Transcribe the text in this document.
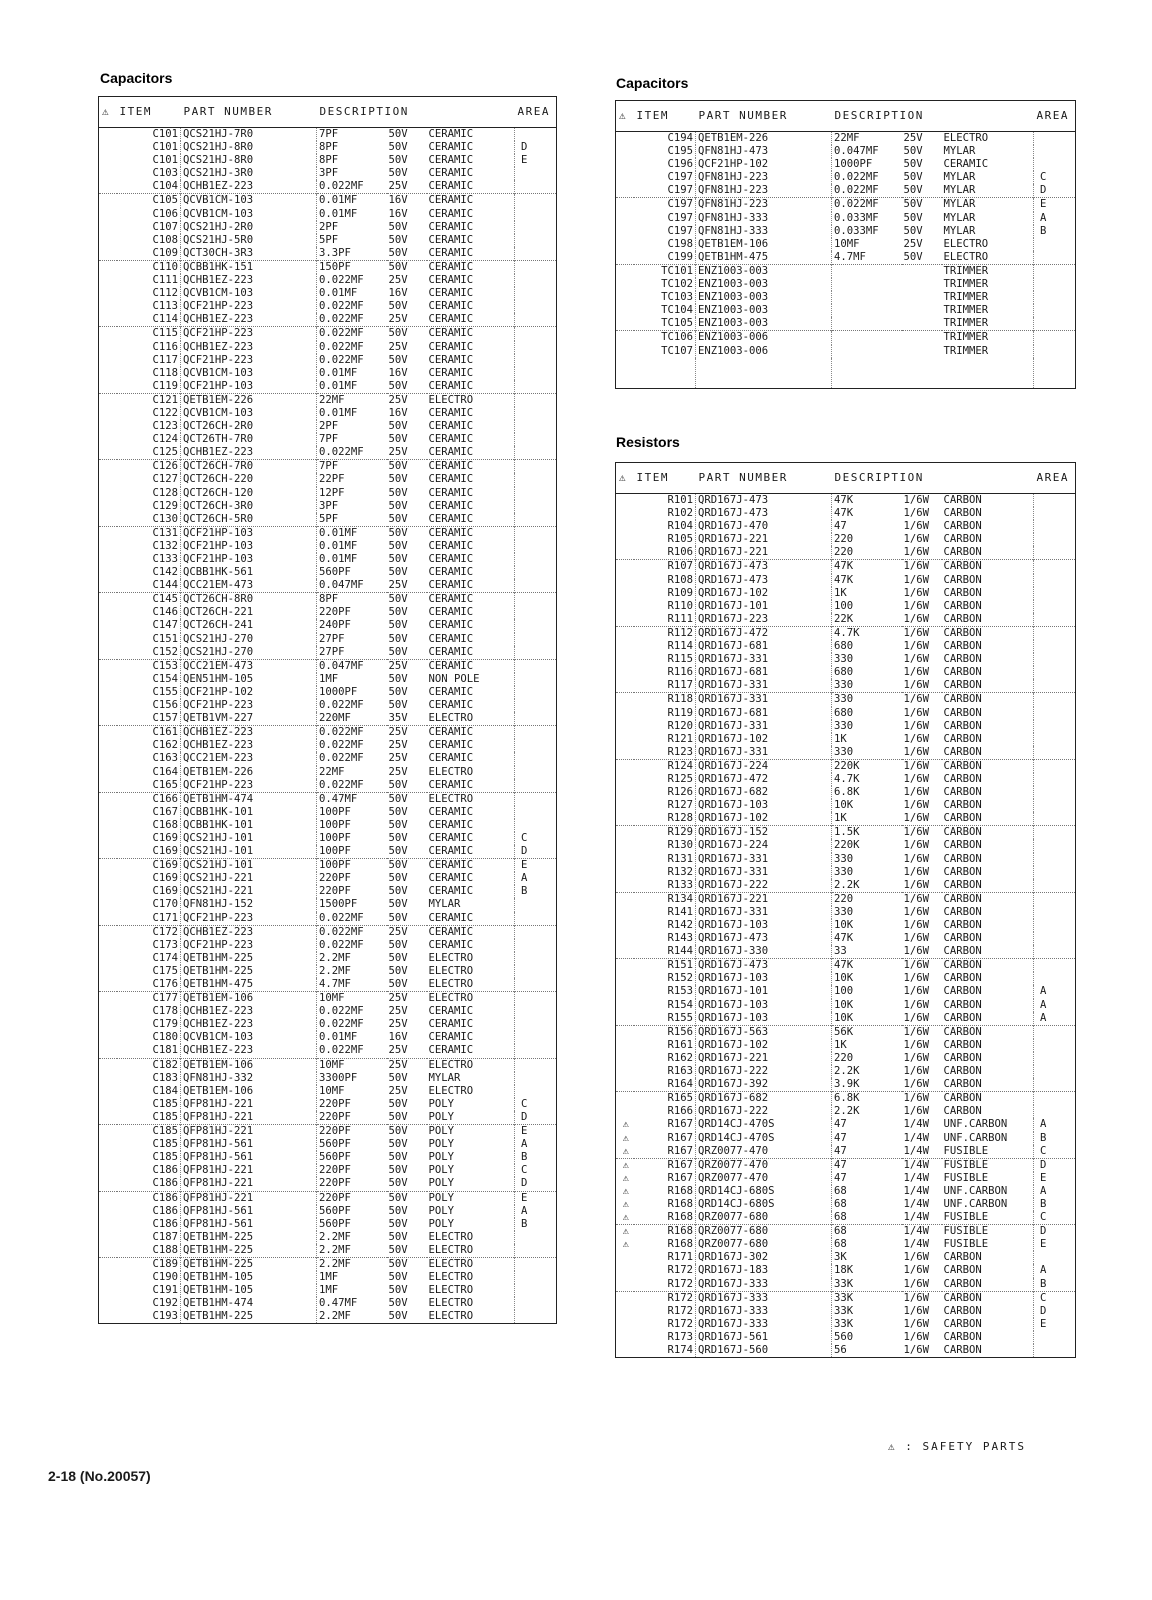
Capacitors
⚠	ITEM	PART NUMBER	DESCRIPTION			AREA
	C101	QCS21HJ-7R0	7PF	50V	CERAMIC	
	C101	QCS21HJ-8R0	8PF	50V	CERAMIC	D
	C101	QCS21HJ-8R0	8PF	50V	CERAMIC	E
	C103	QCS21HJ-3R0	3PF	50V	CERAMIC	
	C104	QCHB1EZ-223	0.022MF	25V	CERAMIC	
	C105	QCVB1CM-103	0.01MF	16V	CERAMIC	
	C106	QCVB1CM-103	0.01MF	16V	CERAMIC	
	C107	QCS21HJ-2R0	2PF	50V	CERAMIC	
	C108	QCS21HJ-5R0	5PF	50V	CERAMIC	
	C109	QCT30CH-3R3	3.3PF	50V	CERAMIC	
	C110	QCBB1HK-151	150PF	50V	CERAMIC	
	C111	QCHB1EZ-223	0.022MF	25V	CERAMIC	
	C112	QCVB1CM-103	0.01MF	16V	CERAMIC	
	C113	QCF21HP-223	0.022MF	50V	CERAMIC	
	C114	QCHB1EZ-223	0.022MF	25V	CERAMIC	
	C115	QCF21HP-223	0.022MF	50V	CERAMIC	
	C116	QCHB1EZ-223	0.022MF	25V	CERAMIC	
	C117	QCF21HP-223	0.022MF	50V	CERAMIC	
	C118	QCVB1CM-103	0.01MF	16V	CERAMIC	
	C119	QCF21HP-103	0.01MF	50V	CERAMIC	
	C121	QETB1EM-226	22MF	25V	ELECTRO	
	C122	QCVB1CM-103	0.01MF	16V	CERAMIC	
	C123	QCT26CH-2R0	2PF	50V	CERAMIC	
	C124	QCT26TH-7R0	7PF	50V	CERAMIC	
	C125	QCHB1EZ-223	0.022MF	25V	CERAMIC	
	C126	QCT26CH-7R0	7PF	50V	CERAMIC	
	C127	QCT26CH-220	22PF	50V	CERAMIC	
	C128	QCT26CH-120	12PF	50V	CERAMIC	
	C129	QCT26CH-3R0	3PF	50V	CERAMIC	
	C130	QCT26CH-5R0	5PF	50V	CERAMIC	
	C131	QCF21HP-103	0.01MF	50V	CERAMIC	
	C132	QCF21HP-103	0.01MF	50V	CERAMIC	
	C133	QCF21HP-103	0.01MF	50V	CERAMIC	
	C142	QCBB1HK-561	560PF	50V	CERAMIC	
	C144	QCC21EM-473	0.047MF	25V	CERAMIC	
	C145	QCT26CH-8R0	8PF	50V	CERAMIC	
	C146	QCT26CH-221	220PF	50V	CERAMIC	
	C147	QCT26CH-241	240PF	50V	CERAMIC	
	C151	QCS21HJ-270	27PF	50V	CERAMIC	
	C152	QCS21HJ-270	27PF	50V	CERAMIC	
	C153	QCC21EM-473	0.047MF	25V	CERAMIC	
	C154	QEN51HM-105	1MF	50V	NON POLE	
	C155	QCF21HP-102	1000PF	50V	CERAMIC	
	C156	QCF21HP-223	0.022MF	50V	CERAMIC	
	C157	QETB1VM-227	220MF	35V	ELECTRO	
	C161	QCHB1EZ-223	0.022MF	25V	CERAMIC	
	C162	QCHB1EZ-223	0.022MF	25V	CERAMIC	
	C163	QCC21EM-223	0.022MF	25V	CERAMIC	
	C164	QETB1EM-226	22MF	25V	ELECTRO	
	C165	QCF21HP-223	0.022MF	50V	CERAMIC	
	C166	QETB1HM-474	0.47MF	50V	ELECTRO	
	C167	QCBB1HK-101	100PF	50V	CERAMIC	
	C168	QCBB1HK-101	100PF	50V	CERAMIC	
	C169	QCS21HJ-101	100PF	50V	CERAMIC	C
	C169	QCS21HJ-101	100PF	50V	CERAMIC	D
	C169	QCS21HJ-101	100PF	50V	CERAMIC	E
	C169	QCS21HJ-221	220PF	50V	CERAMIC	A
	C169	QCS21HJ-221	220PF	50V	CERAMIC	B
	C170	QFN81HJ-152	1500PF	50V	MYLAR	
	C171	QCF21HP-223	0.022MF	50V	CERAMIC	
	C172	QCHB1EZ-223	0.022MF	25V	CERAMIC	
	C173	QCF21HP-223	0.022MF	50V	CERAMIC	
	C174	QETB1HM-225	2.2MF	50V	ELECTRO	
	C175	QETB1HM-225	2.2MF	50V	ELECTRO	
	C176	QETB1HM-475	4.7MF	50V	ELECTRO	
	C177	QETB1EM-106	10MF	25V	ELECTRO	
	C178	QCHB1EZ-223	0.022MF	25V	CERAMIC	
	C179	QCHB1EZ-223	0.022MF	25V	CERAMIC	
	C180	QCVB1CM-103	0.01MF	16V	CERAMIC	
	C181	QCHB1EZ-223	0.022MF	25V	CERAMIC	
	C182	QETB1EM-106	10MF	25V	ELECTRO	
	C183	QFN81HJ-332	3300PF	50V	MYLAR	
	C184	QETB1EM-106	10MF	25V	ELECTRO	
	C185	QFP81HJ-221	220PF	50V	POLY	C
	C185	QFP81HJ-221	220PF	50V	POLY	D
	C185	QFP81HJ-221	220PF	50V	POLY	E
	C185	QFP81HJ-561	560PF	50V	POLY	A
	C185	QFP81HJ-561	560PF	50V	POLY	B
	C186	QFP81HJ-221	220PF	50V	POLY	C
	C186	QFP81HJ-221	220PF	50V	POLY	D
	C186	QFP81HJ-221	220PF	50V	POLY	E
	C186	QFP81HJ-561	560PF	50V	POLY	A
	C186	QFP81HJ-561	560PF	50V	POLY	B
	C187	QETB1HM-225	2.2MF	50V	ELECTRO	
	C188	QETB1HM-225	2.2MF	50V	ELECTRO	
	C189	QETB1HM-225	2.2MF	50V	ELECTRO	
	C190	QETB1HM-105	1MF	50V	ELECTRO	
	C191	QETB1HM-105	1MF	50V	ELECTRO	
	C192	QETB1HM-474	0.47MF	50V	ELECTRO	
	C193	QETB1HM-225	2.2MF	50V	ELECTRO	
Capacitors
⚠	ITEM	PART NUMBER	DESCRIPTION			AREA
	C194	QETB1EM-226	22MF	25V	ELECTRO	
	C195	QFN81HJ-473	0.047MF	50V	MYLAR	
	C196	QCF21HP-102	1000PF	50V	CERAMIC	
	C197	QFN81HJ-223	0.022MF	50V	MYLAR	C
	C197	QFN81HJ-223	0.022MF	50V	MYLAR	D
	C197	QFN81HJ-223	0.022MF	50V	MYLAR	E
	C197	QFN81HJ-333	0.033MF	50V	MYLAR	A
	C197	QFN81HJ-333	0.033MF	50V	MYLAR	B
	C198	QETB1EM-106	10MF	25V	ELECTRO	
	C199	QETB1HM-475	4.7MF	50V	ELECTRO	
	TC101	ENZ1003-003			TRIMMER	
	TC102	ENZ1003-003			TRIMMER	
	TC103	ENZ1003-003			TRIMMER	
	TC104	ENZ1003-003			TRIMMER	
	TC105	ENZ1003-003			TRIMMER	
	TC106	ENZ1003-006			TRIMMER	
	TC107	ENZ1003-006			TRIMMER	

Resistors
⚠	ITEM	PART NUMBER	DESCRIPTION			AREA
	R101	QRD167J-473	47K	1/6W	CARBON	
	R102	QRD167J-473	47K	1/6W	CARBON	
	R104	QRD167J-470	47	1/6W	CARBON	
	R105	QRD167J-221	220	1/6W	CARBON	
	R106	QRD167J-221	220	1/6W	CARBON	
	R107	QRD167J-473	47K	1/6W	CARBON	
	R108	QRD167J-473	47K	1/6W	CARBON	
	R109	QRD167J-102	1K	1/6W	CARBON	
	R110	QRD167J-101	100	1/6W	CARBON	
	R111	QRD167J-223	22K	1/6W	CARBON	
	R112	QRD167J-472	4.7K	1/6W	CARBON	
	R114	QRD167J-681	680	1/6W	CARBON	
	R115	QRD167J-331	330	1/6W	CARBON	
	R116	QRD167J-681	680	1/6W	CARBON	
	R117	QRD167J-331	330	1/6W	CARBON	
	R118	QRD167J-331	330	1/6W	CARBON	
	R119	QRD167J-681	680	1/6W	CARBON	
	R120	QRD167J-331	330	1/6W	CARBON	
	R121	QRD167J-102	1K	1/6W	CARBON	
	R123	QRD167J-331	330	1/6W	CARBON	
	R124	QRD167J-224	220K	1/6W	CARBON	
	R125	QRD167J-472	4.7K	1/6W	CARBON	
	R126	QRD167J-682	6.8K	1/6W	CARBON	
	R127	QRD167J-103	10K	1/6W	CARBON	
	R128	QRD167J-102	1K	1/6W	CARBON	
	R129	QRD167J-152	1.5K	1/6W	CARBON	
	R130	QRD167J-224	220K	1/6W	CARBON	
	R131	QRD167J-331	330	1/6W	CARBON	
	R132	QRD167J-331	330	1/6W	CARBON	
	R133	QRD167J-222	2.2K	1/6W	CARBON	
	R134	QRD167J-221	220	1/6W	CARBON	
	R141	QRD167J-331	330	1/6W	CARBON	
	R142	QRD167J-103	10K	1/6W	CARBON	
	R143	QRD167J-473	47K	1/6W	CARBON	
	R144	QRD167J-330	33	1/6W	CARBON	
	R151	QRD167J-473	47K	1/6W	CARBON	
	R152	QRD167J-103	10K	1/6W	CARBON	
	R153	QRD167J-101	100	1/6W	CARBON	A
	R154	QRD167J-103	10K	1/6W	CARBON	A
	R155	QRD167J-103	10K	1/6W	CARBON	A
	R156	QRD167J-563	56K	1/6W	CARBON	
	R161	QRD167J-102	1K	1/6W	CARBON	
	R162	QRD167J-221	220	1/6W	CARBON	
	R163	QRD167J-222	2.2K	1/6W	CARBON	
	R164	QRD167J-392	3.9K	1/6W	CARBON	
	R165	QRD167J-682	6.8K	1/6W	CARBON	
	R166	QRD167J-222	2.2K	1/6W	CARBON	
⚠	R167	QRD14CJ-470S	47	1/4W	UNF.CARBON	A
⚠	R167	QRD14CJ-470S	47	1/4W	UNF.CARBON	B
⚠	R167	QRZ0077-470	47	1/4W	FUSIBLE	C
⚠	R167	QRZ0077-470	47	1/4W	FUSIBLE	D
⚠	R167	QRZ0077-470	47	1/4W	FUSIBLE	E
⚠	R168	QRD14CJ-680S	68	1/4W	UNF.CARBON	A
⚠	R168	QRD14CJ-680S	68	1/4W	UNF.CARBON	B
⚠	R168	QRZ0077-680	68	1/4W	FUSIBLE	C
⚠	R168	QRZ0077-680	68	1/4W	FUSIBLE	D
⚠	R168	QRZ0077-680	68	1/4W	FUSIBLE	E
	R171	QRD167J-302	3K	1/6W	CARBON	
	R172	QRD167J-183	18K	1/6W	CARBON	A
	R172	QRD167J-333	33K	1/6W	CARBON	B
	R172	QRD167J-333	33K	1/6W	CARBON	C
	R172	QRD167J-333	33K	1/6W	CARBON	D
	R172	QRD167J-333	33K	1/6W	CARBON	E
	R173	QRD167J-561	560	1/6W	CARBON	
	R174	QRD167J-560	56	1/6W	CARBON	
⚠ : SAFETY PARTS
2-18 (No.20057)
